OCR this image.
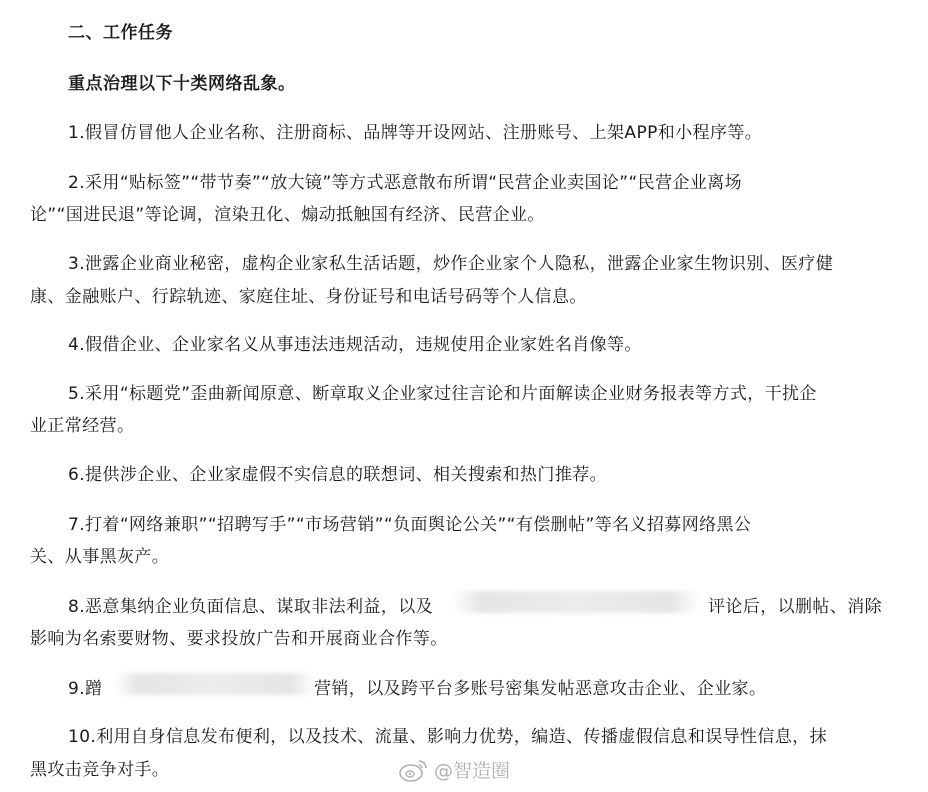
二、工作任务
重点治理以下十类网络乱象。
1.假冒仿冒他人企业名称、注册商标、品牌等开设网站、注册账号、上架APP和小程序等。
2.采用“贴标签”“带节奏”“放大镜”等方式恶意散布所谓“民营企业卖国论”“民营企业离场
论”“国进民退”等论调，渲染丑化、煽动抵触国有经济、民营企业。
3.泄露企业商业秘密，虚构企业家私生活话题，炒作企业家个人隐私，泄露企业家生物识别、医疗健
康、金融账户、行踪轨迹、家庭住址、身份证号和电话号码等个人信息。
4.假借企业、企业家名义从事违法违规活动，违规使用企业家姓名肖像等。
5.采用“标题党”歪曲新闻原意、断章取义企业家过往言论和片面解读企业财务报表等方式，干扰企
业正常经营。
6.提供涉企业、企业家虚假不实信息的联想词、相关搜索和热门推荐。
7.打着“网络兼职”“招聘写手”“市场营销”“负面舆论公关”“有偿删帖”等名义招募网络黑公
关、从事黑灰产。
8.恶意集纳企业负面信息、谋取非法利益，以及	评论后，以删帖、消除
影响为名索要财物、要求投放广告和开展商业合作等。
9.蹭	营销，以及跨平台多账号密集发帖恶意攻击企业、企业家。
10.利用自身信息发布便利，以及技术、流量、影响力优势，编造、传播虚假信息和误导性信息，抹
黑攻击竞争对手。	@智造圈
